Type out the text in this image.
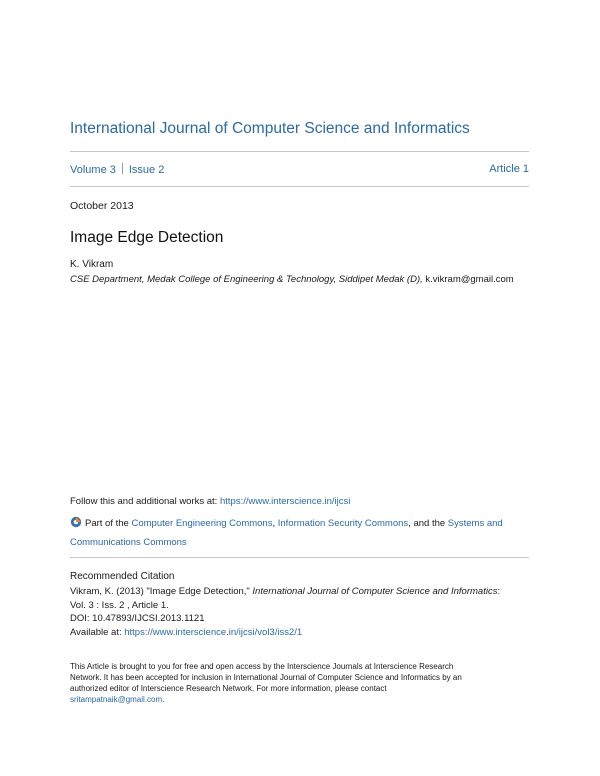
International Journal of Computer Science and Informatics
Volume 3 Issue 2	Article 1
October 2013
Image Edge Detection
K. Vikram
CSE Department, Medak College of Engineering & Technology, Siddipet Medak (D), k.vikram@gmail.com
Follow this and additional works at: https://www.interscience.in/ijcsi
Part of the Computer Engineering Commons, Information Security Commons, and the Systems and
Communications Commons
Recommended Citation
Vikram, K. (2013) "Image Edge Detection," International Journal of Computer Science and Informatics:
Vol. 3 : Iss. 2 , Article 1.
DOI: 10.47893/IJCSI.2013.1121
Available at: https://www.interscience.in/ijcsi/vol3/iss2/1
This Article is brought to you for free and open access by the Interscience Journals at Interscience Research
Network. It has been accepted for inclusion in International Journal of Computer Science and Informatics by an
authorized editor of Interscience Research Network. For more information, please contact
sritampatnaik@gmail.com.
